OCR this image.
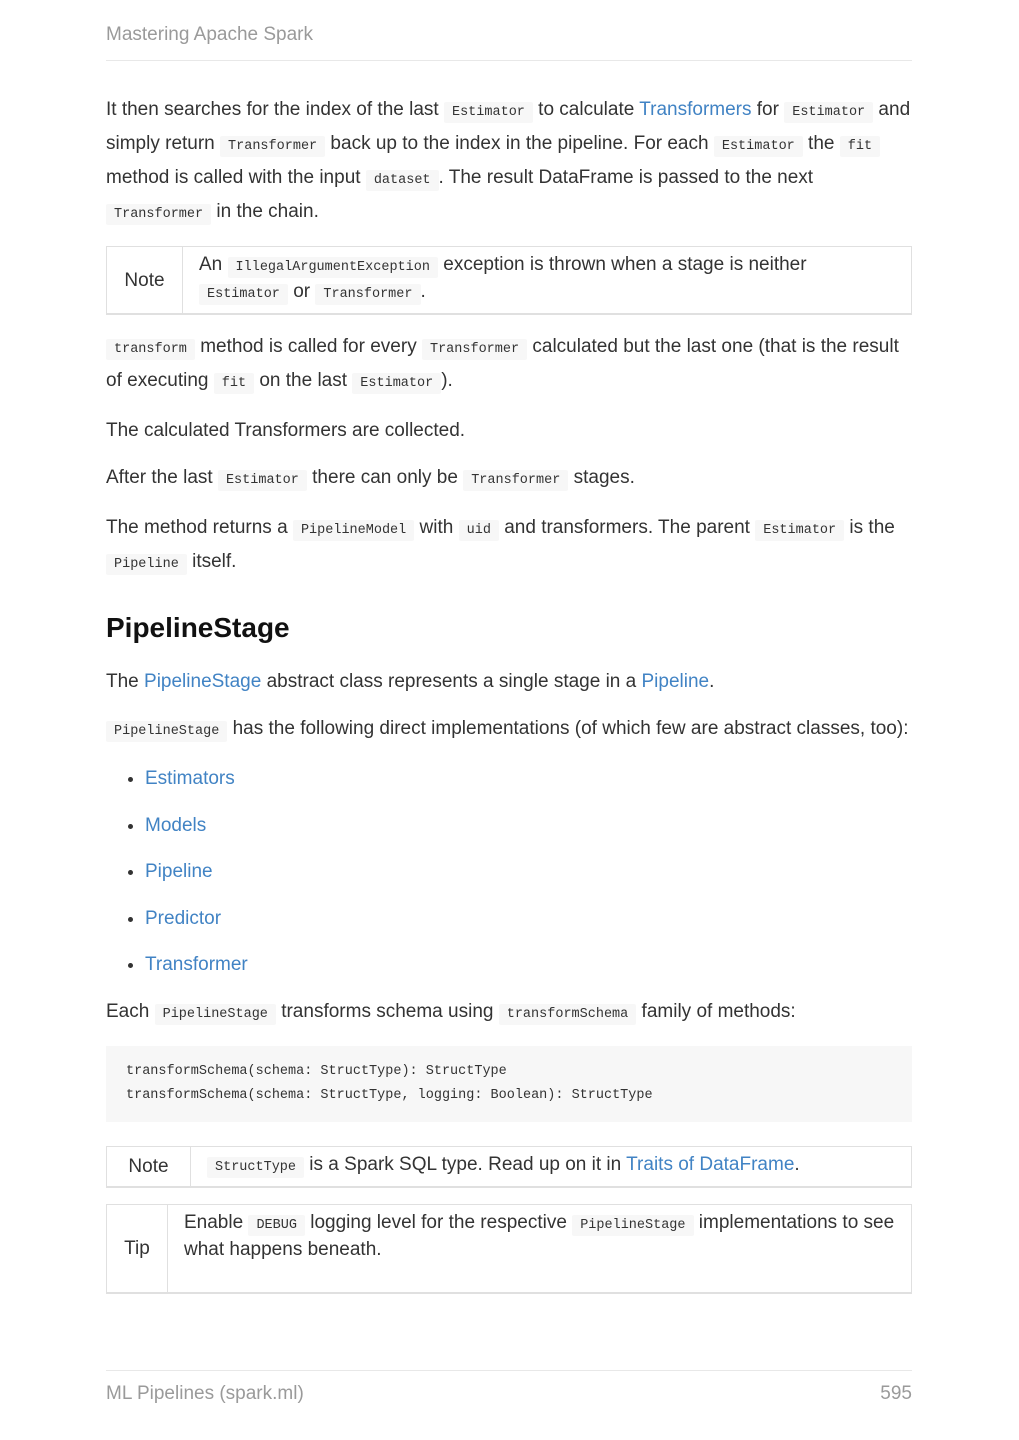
Mastering Apache Spark

It then searches for the index of the last Estimator to calculate Transformers for Estimator and simply return Transformer back up to the index in the pipeline. For each Estimator the fit method is called with the input dataset . The result DataFrame is passed to the next Transformer in the chain.

Note
An IllegalArgumentException exception is thrown when a stage is neither Estimator or Transformer .

transform method is called for every Transformer calculated but the last one (that is the result of executing fit on the last Estimator ).

The calculated Transformers are collected.

After the last Estimator there can only be Transformer stages.

The method returns a PipelineModel with uid and transformers. The parent Estimator is the Pipeline itself.

PipelineStage

The PipelineStage abstract class represents a single stage in a Pipeline.

PipelineStage has the following direct implementations (of which few are abstract classes, too):

• Estimators
• Models
• Pipeline
• Predictor
• Transformer

Each PipelineStage transforms schema using transformSchema family of methods:

transformSchema(schema: StructType): StructType
transformSchema(schema: StructType, logging: Boolean): StructType
Note	StructType is a Spark SQL type. Read up on it in Traits of DataFrame.
Tip
Enable DEBUG logging level for the respective PipelineStage implementations to see what happens beneath.
ML Pipelines (spark.ml)	595
